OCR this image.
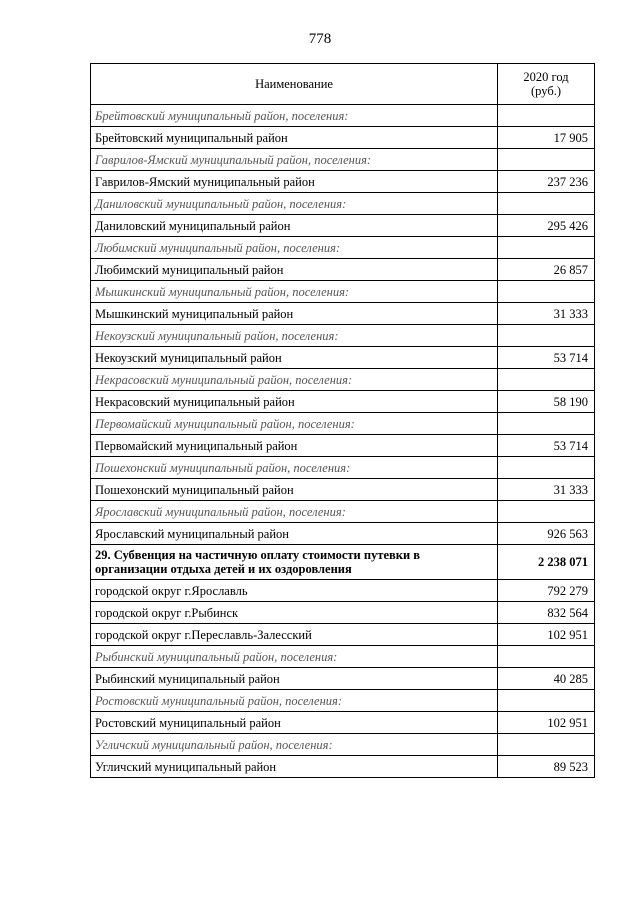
778
Наименование	2020 год
(руб.)
Брейтовский муниципальный район, поселения:	
Брейтовский муниципальный район	17 905
Гаврилов-Ямский муниципальный район, поселения:	
Гаврилов-Ямский муниципальный район	237 236
Даниловский муниципальный район, поселения:	
Даниловский муниципальный район	295 426
Любимский муниципальный район, поселения:	
Любимский муниципальный район	26 857
Мышкинский муниципальный район, поселения:	
Мышкинский муниципальный район	31 333
Некоузский муниципальный район, поселения:	
Некоузский муниципальный район	53 714
Некрасовский муниципальный район, поселения:	
Некрасовский муниципальный район	58 190
Первомайский муниципальный район, поселения:	
Первомайский муниципальный район	53 714
Пошехонский муниципальный район, поселения:	
Пошехонский муниципальный район	31 333
Ярославский муниципальный район, поселения:	
Ярославский муниципальный район	926 563
29. Субвенция на частичную оплату стоимости путевки в организации отдыха детей и их оздоровления	2 238 071
городской округ г.Ярославль	792 279
городской округ г.Рыбинск	832 564
городской округ г.Переславль-Залесский	102 951
Рыбинский муниципальный район, поселения:	
Рыбинский муниципальный район	40 285
Ростовский муниципальный район, поселения:	
Ростовский муниципальный район	102 951
Угличский муниципальный район, поселения:	
Угличский муниципальный район	89 523
